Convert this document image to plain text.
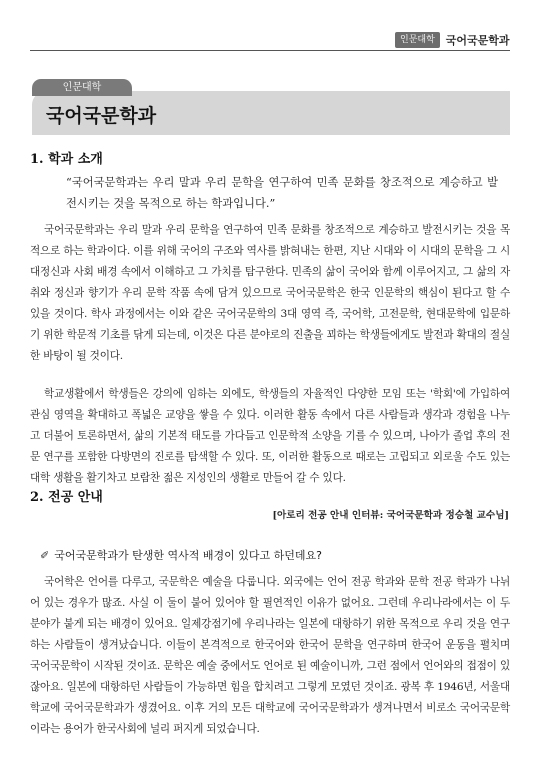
인문대학	국어국문학과
인문대학
국어국문학과
1. 학과 소개
“국어국문학과는 우리 말과 우리 문학을 연구하여 민족 문화를 창조적으로 계승하고 발전시키는 것을 목적으로 하는 학과입니다.”
국어국문학과는 우리 말과 우리 문학을 연구하여 민족 문화를 창조적으로 계승하고 발전시키는 것을 목적으로 하는 학과이다. 이를 위해 국어의 구조와 역사를 밝혀내는 한편, 지난 시대와 이 시대의 문학을 그 시대정신과 사회 배경 속에서 이해하고 그 가치를 탐구한다. 민족의 삶이 국어와 함께 이루어지고, 그 삶의 자취와 정신과 향기가 우리 문학 작품 속에 담겨 있으므로 국어국문학은 한국 인문학의 핵심이 된다고 할 수 있을 것이다. 학사 과정에서는 이와 같은 국어국문학의 3대 영역 즉, 국어학, 고전문학, 현대문학에 입문하기 위한 학문적 기초를 닦게 되는데, 이것은 다른 분야로의 진출을 꾀하는 학생들에게도 발전과 확대의 절실한 바탕이 될 것이다.
학교생활에서 학생들은 강의에 임하는 외에도, 학생들의 자율적인 다양한 모임 또는 '학회'에 가입하여 관심 영역을 확대하고 폭넓은 교양을 쌓을 수 있다. 이러한 활동 속에서 다른 사람들과 생각과 경험을 나누고 더불어 토론하면서, 삶의 기본적 태도를 가다듬고 인문학적 소양을 기를 수 있으며, 나아가 졸업 후의 전문 연구를 포함한 다방면의 진로를 탐색할 수 있다. 또, 이러한 활동으로 때로는 고립되고 외로울 수도 있는 대학 생활을 활기차고 보람찬 젊은 지성인의 생활로 만들어 갈 수 있다.
2. 전공 안내
[아로리 전공 안내 인터뷰: 국어국문학과 정승철 교수님]
✐ 국어국문학과가 탄생한 역사적 배경이 있다고 하던데요?
국어학은 언어를 다루고, 국문학은 예술을 다룹니다. 외국에는 언어 전공 학과와 문학 전공 학과가 나뉘어 있는 경우가 많죠. 사실 이 둘이 붙어 있어야 할 필연적인 이유가 없어요. 그런데 우리나라에서는 이 두 분야가 붙게 되는 배경이 있어요. 일제강점기에 우리나라는 일본에 대항하기 위한 목적으로 우리 것을 연구하는 사람들이 생겨났습니다. 이들이 본격적으로 한국어와 한국어 문학을 연구하며 한국어 운동을 펼치며 국어국문학이 시작된 것이죠. 문학은 예술 중에서도 언어로 된 예술이니까, 그런 점에서 언어와의 접점이 있잖아요. 일본에 대항하던 사람들이 가능하면 힘을 합치려고 그렇게 모였던 것이죠. 광복 후 1946년, 서울대학교에 국어국문학과가 생겼어요. 이후 거의 모든 대학교에 국어국문학과가 생겨나면서 비로소 국어국문학이라는 용어가 한국사회에 널리 퍼지게 되었습니다.
